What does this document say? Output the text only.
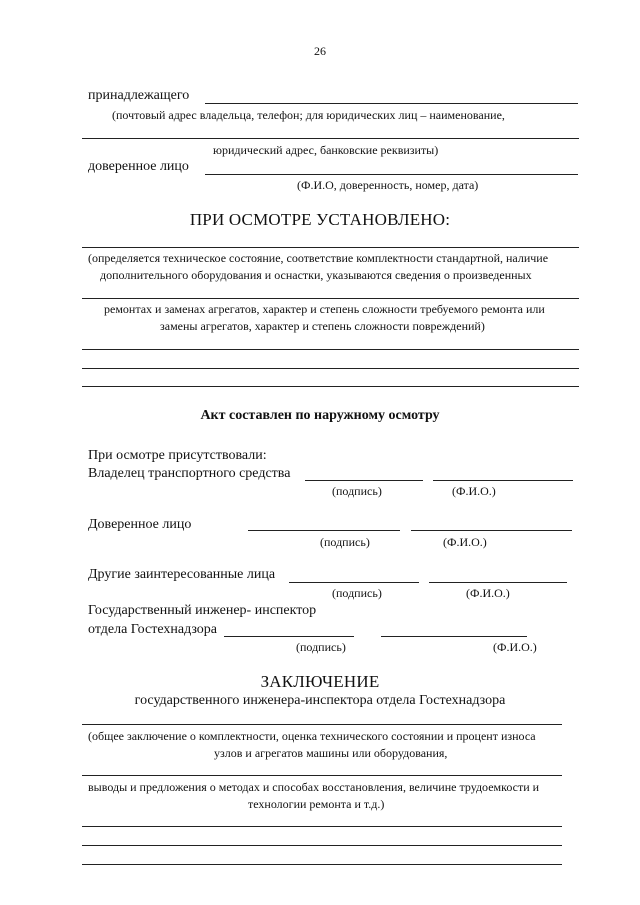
26
принадлежащего
(почтовый адрес владельца, телефон; для юридических лиц – наименование,
юридический адрес, банковские реквизиты)
доверенное лицо
(Ф.И.О, доверенность, номер, дата)
ПРИ ОСМОТРЕ УСТАНОВЛЕНО:
(определяется техническое состояние, соответствие комплектности стандартной, наличие
дополнительного оборудования и оснастки, указываются сведения о произведенных
ремонтах и заменах агрегатов, характер и степень сложности требуемого ремонта или
замены агрегатов, характер и степень сложности повреждений)
Акт составлен по наружному осмотру
При осмотре присутствовали:
Владелец транспортного средства
(подпись)	(Ф.И.О.)
Доверенное лицо
(подпись)	(Ф.И.О.)
Другие заинтересованные лица
(подпись)	(Ф.И.О.)
Государственный инженер- инспектор
отдела Гостехнадзора
(подпись)	(Ф.И.О.)
ЗАКЛЮЧЕНИЕ
государственного инженера-инспектора отдела Гостехнадзора
(общее заключение о комплектности, оценка технического состоянии и процент износа
узлов и агрегатов машины или оборудования,
выводы и предложения о методах и способах восстановления, величине трудоемкости и
технологии ремонта и т.д.)
